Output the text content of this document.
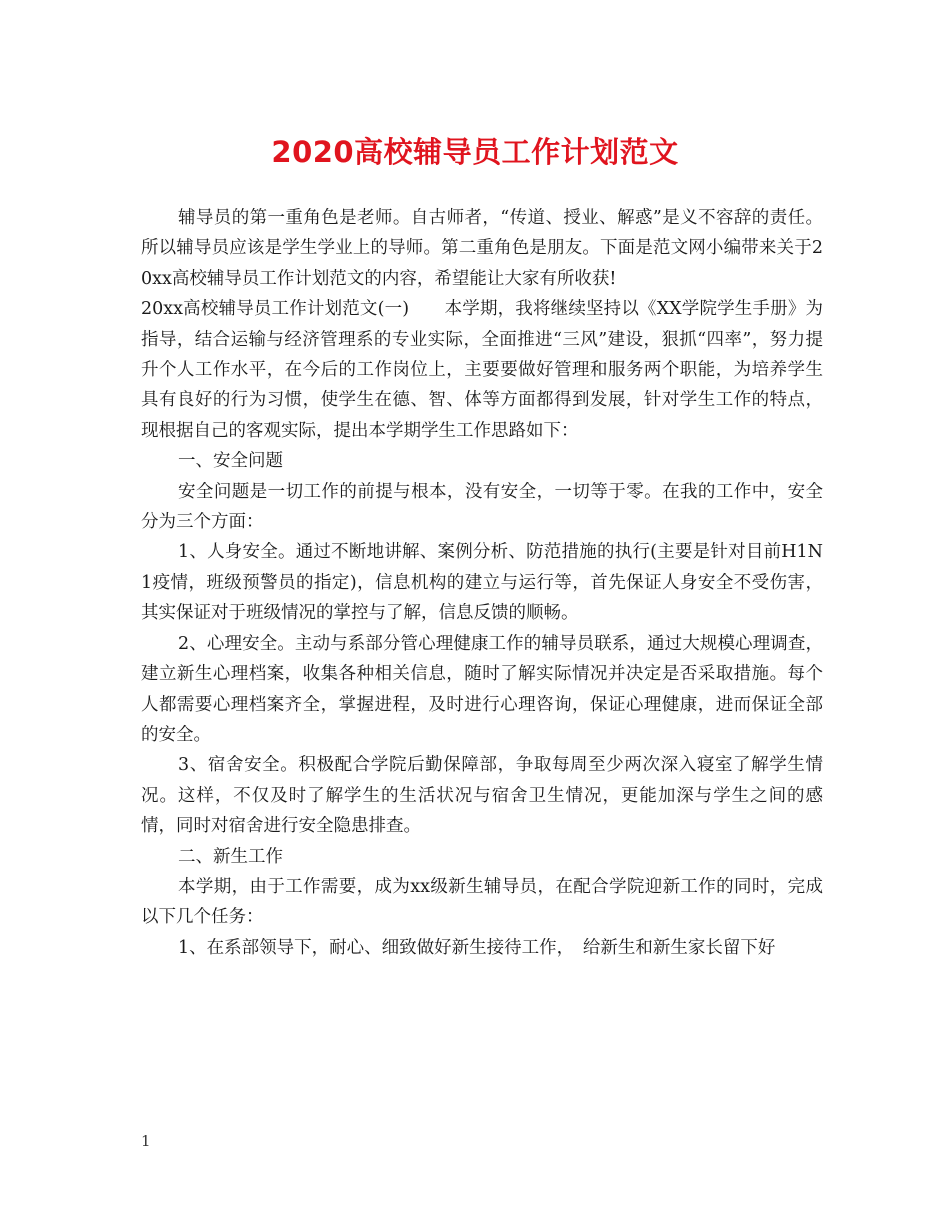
2020高校辅导员工作计划范文

辅导员的第一重角色是老师。自古师者，“传道、授业、解惑”是义不容辞的责任。所以辅导员应该是学生学业上的导师。第二重角色是朋友。下面是范文网小编带来关于20xx高校辅导员工作计划范文的内容，希望能让大家有所收获!

20xx高校辅导员工作计划范文(一)　　本学期，我将继续坚持以《XX学院学生手册》为指导，结合运输与经济管理系的专业实际，全面推进“三风”建设，狠抓“四率”，努力提升个人工作水平，在今后的工作岗位上，主要要做好管理和服务两个职能，为培养学生具有良好的行为习惯，使学生在德、智、体等方面都得到发展，针对学生工作的特点，现根据自己的客观实际，提出本学期学生工作思路如下：

一、安全问题

安全问题是一切工作的前提与根本，没有安全，一切等于零。在我的工作中，安全分为三个方面：

1、人身安全。通过不断地讲解、案例分析、防范措施的执行(主要是针对目前H1N1疫情，班级预警员的指定)，信息机构的建立与运行等，首先保证人身安全不受伤害，其实保证对于班级情况的掌控与了解，信息反馈的顺畅。

2、心理安全。主动与系部分管心理健康工作的辅导员联系，通过大规模心理调查，建立新生心理档案，收集各种相关信息，随时了解实际情况并决定是否采取措施。每个人都需要心理档案齐全，掌握进程，及时进行心理咨询，保证心理健康，进而保证全部的安全。

3、宿舍安全。积极配合学院后勤保障部，争取每周至少两次深入寝室了解学生情况。这样，不仅及时了解学生的生活状况与宿舍卫生情况，更能加深与学生之间的感情，同时对宿舍进行安全隐患排查。

二、新生工作

本学期，由于工作需要，成为xx级新生辅导员，在配合学院迎新工作的同时，完成以下几个任务：

1、在系部领导下，耐心、细致做好新生接待工作，　给新生和新生家长留下好

1
